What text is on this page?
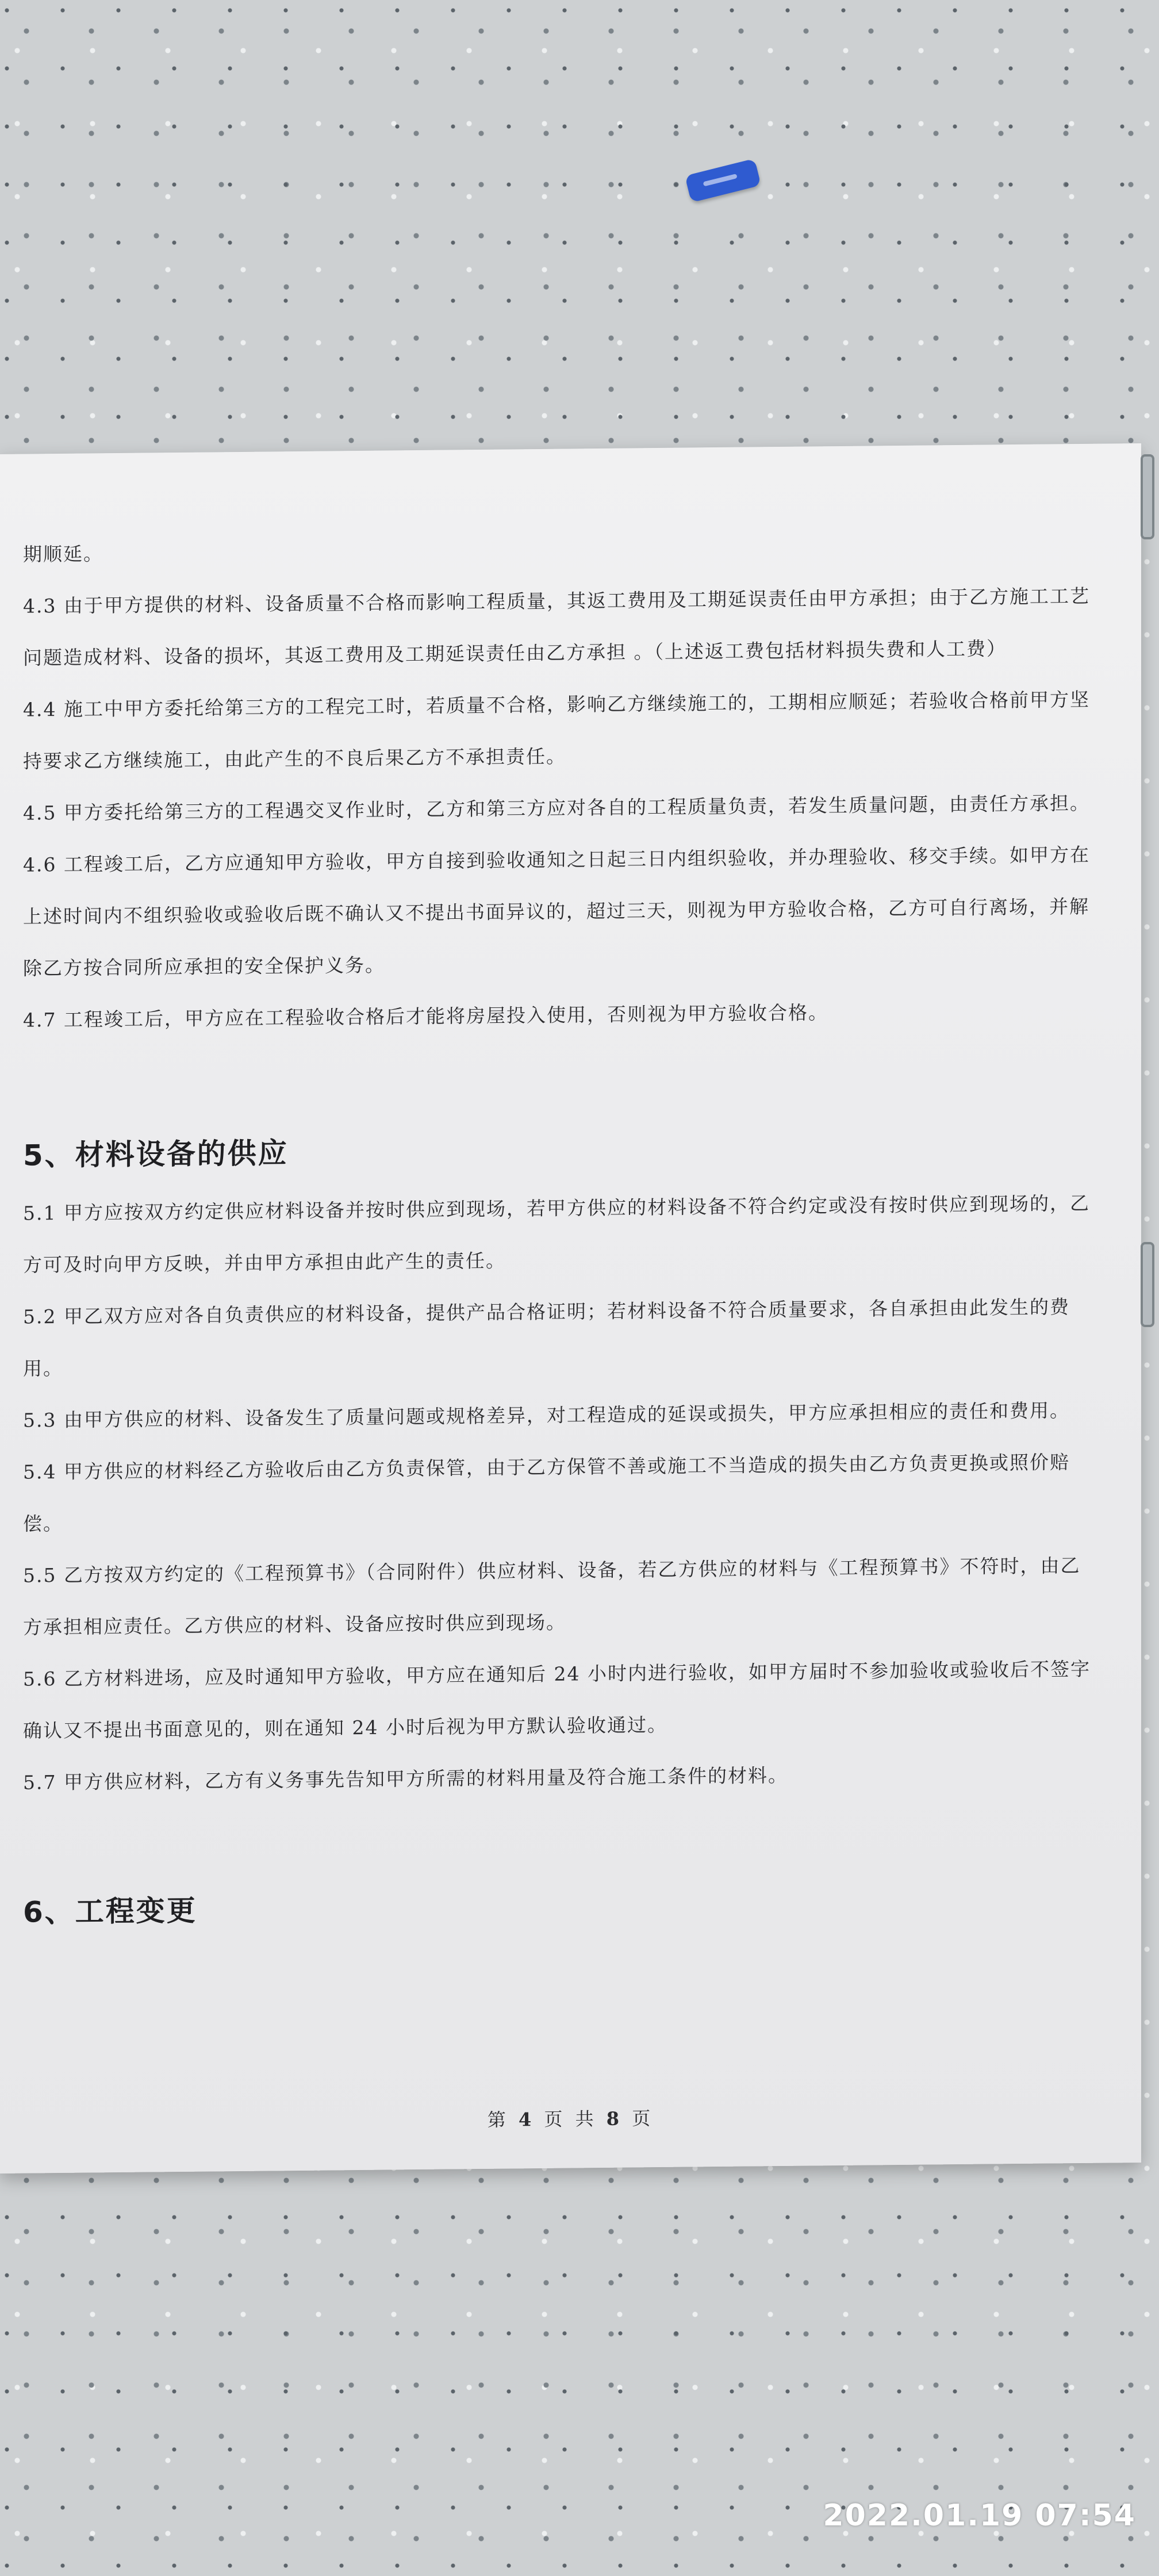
期顺延。

4.3 由于甲方提供的材料、设备质量不合格而影响工程质量，其返工费用及工期延误责任由甲方承担；由于乙方施工工艺问题造成材料、设备的损坏，其返工费用及工期延误责任由乙方承担 。（上述返工费包括材料损失费和人工费）

4.4 施工中甲方委托给第三方的工程完工时，若质量不合格，影响乙方继续施工的，工期相应顺延；若验收合格前甲方坚持要求乙方继续施工，由此产生的不良后果乙方不承担责任。

4.5 甲方委托给第三方的工程遇交叉作业时，乙方和第三方应对各自的工程质量负责，若发生质量问题，由责任方承担。

4.6 工程竣工后，乙方应通知甲方验收，甲方自接到验收通知之日起三日内组织验收，并办理验收、移交手续。如甲方在上述时间内不组织验收或验收后既不确认又不提出书面异议的，超过三天，则视为甲方验收合格，乙方可自行离场，并解除乙方按合同所应承担的安全保护义务。

4.7 工程竣工后，甲方应在工程验收合格后才能将房屋投入使用，否则视为甲方验收合格。

5、材料设备的供应

5.1 甲方应按双方约定供应材料设备并按时供应到现场，若甲方供应的材料设备不符合约定或没有按时供应到现场的，乙方可及时向甲方反映，并由甲方承担由此产生的责任。

5.2 甲乙双方应对各自负责供应的材料设备，提供产品合格证明；若材料设备不符合质量要求，各自承担由此发生的费用。

5.3 由甲方供应的材料、设备发生了质量问题或规格差异，对工程造成的延误或损失，甲方应承担相应的责任和费用。

5.4 甲方供应的材料经乙方验收后由乙方负责保管，由于乙方保管不善或施工不当造成的损失由乙方负责更换或照价赔偿。

5.5 乙方按双方约定的《工程预算书》（合同附件）供应材料、设备，若乙方供应的材料与《工程预算书》不符时，由乙方承担相应责任。乙方供应的材料、设备应按时供应到现场。

5.6 乙方材料进场，应及时通知甲方验收，甲方应在通知后 24 小时内进行验收，如甲方届时不参加验收或验收后不签字确认又不提出书面意见的，则在通知 24 小时后视为甲方默认验收通过。

5.7 甲方供应材料，乙方有义务事先告知甲方所需的材料用量及符合施工条件的材料。

6、工程变更
第 4 页 共 8 页
2022.01.19 07:54
